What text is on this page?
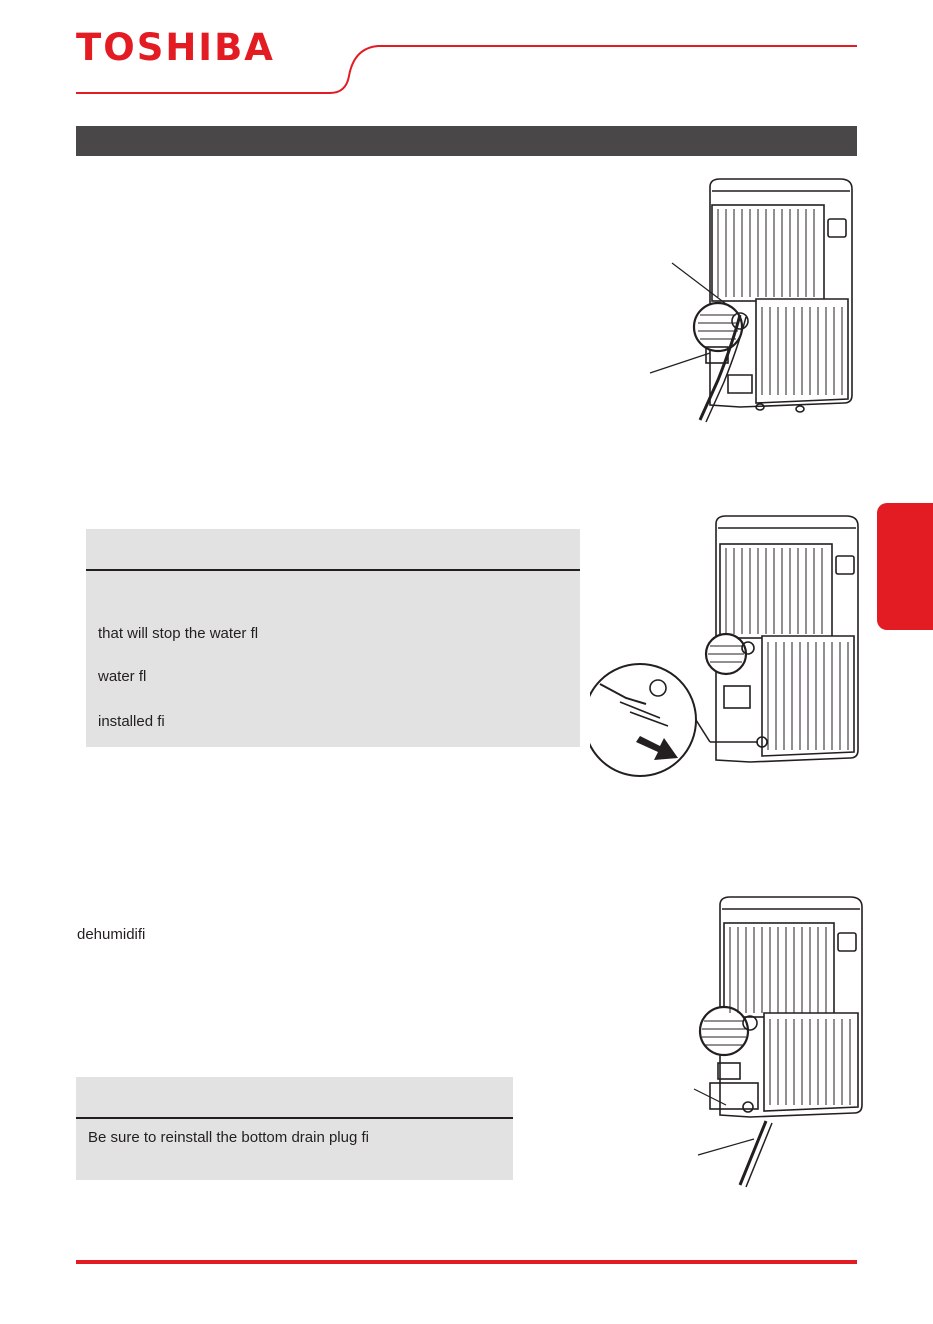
TOSHIBA
that will stop the water fl
water fl
installed fi
dehumidifi
Be sure to reinstall the bottom drain plug fi
